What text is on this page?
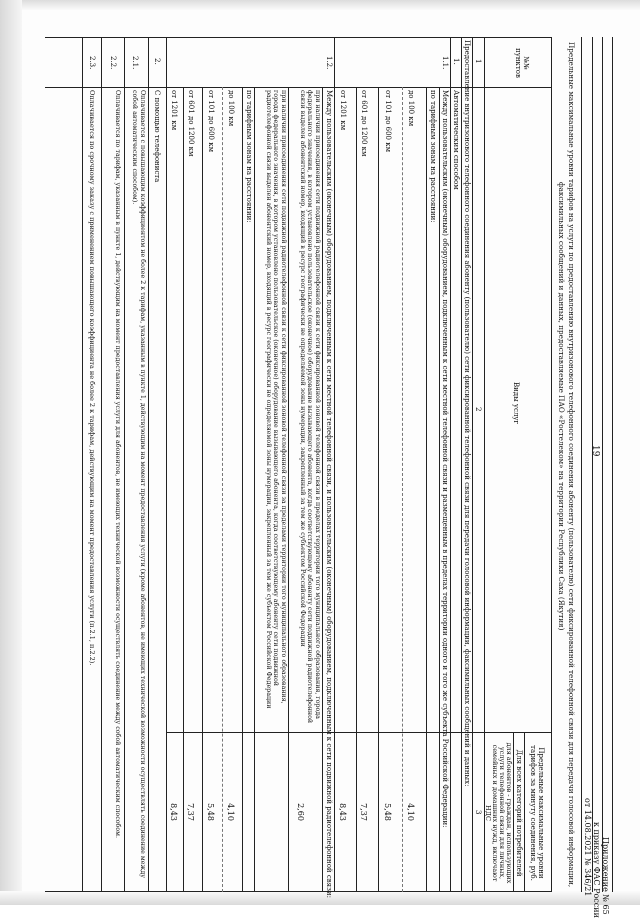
19
Приложение № 65
к приказу ФАС России
от 14.08.2021 № 346/21
Предельные максимальные уровни тарифов на услуги по предоставлению внутризонового телефонного соединения абоненту (пользователю) сети фиксированной телефонной связи для передачи голосовой информации,
факсимильных сообщений и данных, предоставляемые ПАО «Ростелеком» на территории Республики Саха (Якутия)
№№ пунктов
Виды услуг
Предельные максимальные уровни тарифов за минуту соединения, руб.
Для всех категорий потребителей
для абонентов - граждан, использующих услуги телефонной связи для личных, семейных и домашних нужд, включают НДС
1
2
3
Предоставление внутризонового телефонного соединения абоненту (пользователю) сети фиксированной телефонной связи для передачи голосовой информации, факсимильных сообщений и данных:
1.
Автоматическим способом
1.1.
Между пользовательским (оконечным) оборудованием, подключенным к сети местной телефонной связи и размещенным в пределах территории одного и того же субъекта Российской Федерации:
по тарифным зонам на расстоянии:
до 100 км
4,10
от 101 до 600 км
5,48
от 601 до 1200 км
7,37
от 1201 км
8,43
1.2.
Между пользовательским (оконечным) оборудованием, подключенным к сети местной телефонной связи, и пользовательским (оконечным) оборудованием, подключенным к сети подвижной радиотелефонной связи:
при наличии присоединения сети подвижной радиотелефонной связи к сети фиксированной зоновой телефонной связи в пределах территории того муниципального образования, города федерального значения, в котором установлено пользовательское (оконечное) оборудование вызывающего абонента, когда соответствующему абоненту сети подвижной радиотелефонной связи выделен абонентский номер, входящий в ресурс географически не определяемой зоны нумерации, закрепленный за тем же субъектом Российской Федерации
2,60
при наличии присоединения сети подвижной радиотелефонной связи к сети фиксированной зоновой телефонной связи за пределами территории того муниципального образования, города федерального значения, в котором установлено пользовательское (оконечное) оборудование вызывающего абонента, когда соответствующему абоненту сети подвижной радиотелефонной связи выделен абонентский номер, входящий в ресурс географически не определяемой зоны нумерации, закрепленный за тем же субъектом Российской Федерации
по тарифным зонам на расстоянии:
до 100 км
4,10
от 101 до 600 км
5,48
от 601 до 1200 км
7,37
от 1201 км
8,43
2.
С помощью телефониста
2.1.
Оплачивается с повышающим коэффициентом не более 2 к тарифам, указанным в пункте 1, действующим на момент предоставления услуги (кроме абонентов, не имеющих технической возможности осуществлять соединение между собой автоматическим способом).
2.2.
Оплачивается по тарифам, указанным в пункте 1, действующим на момент предоставления услуги для абонентов, не имеющих технической возможности осуществлять соединение между собой автоматическим способом.
2.3.
Оплачивается по срочному заказу с применением повышающего коэффициента не более 2 к тарифам, действующим на момент предоставления услуги (п.2.1, п.2.2).
